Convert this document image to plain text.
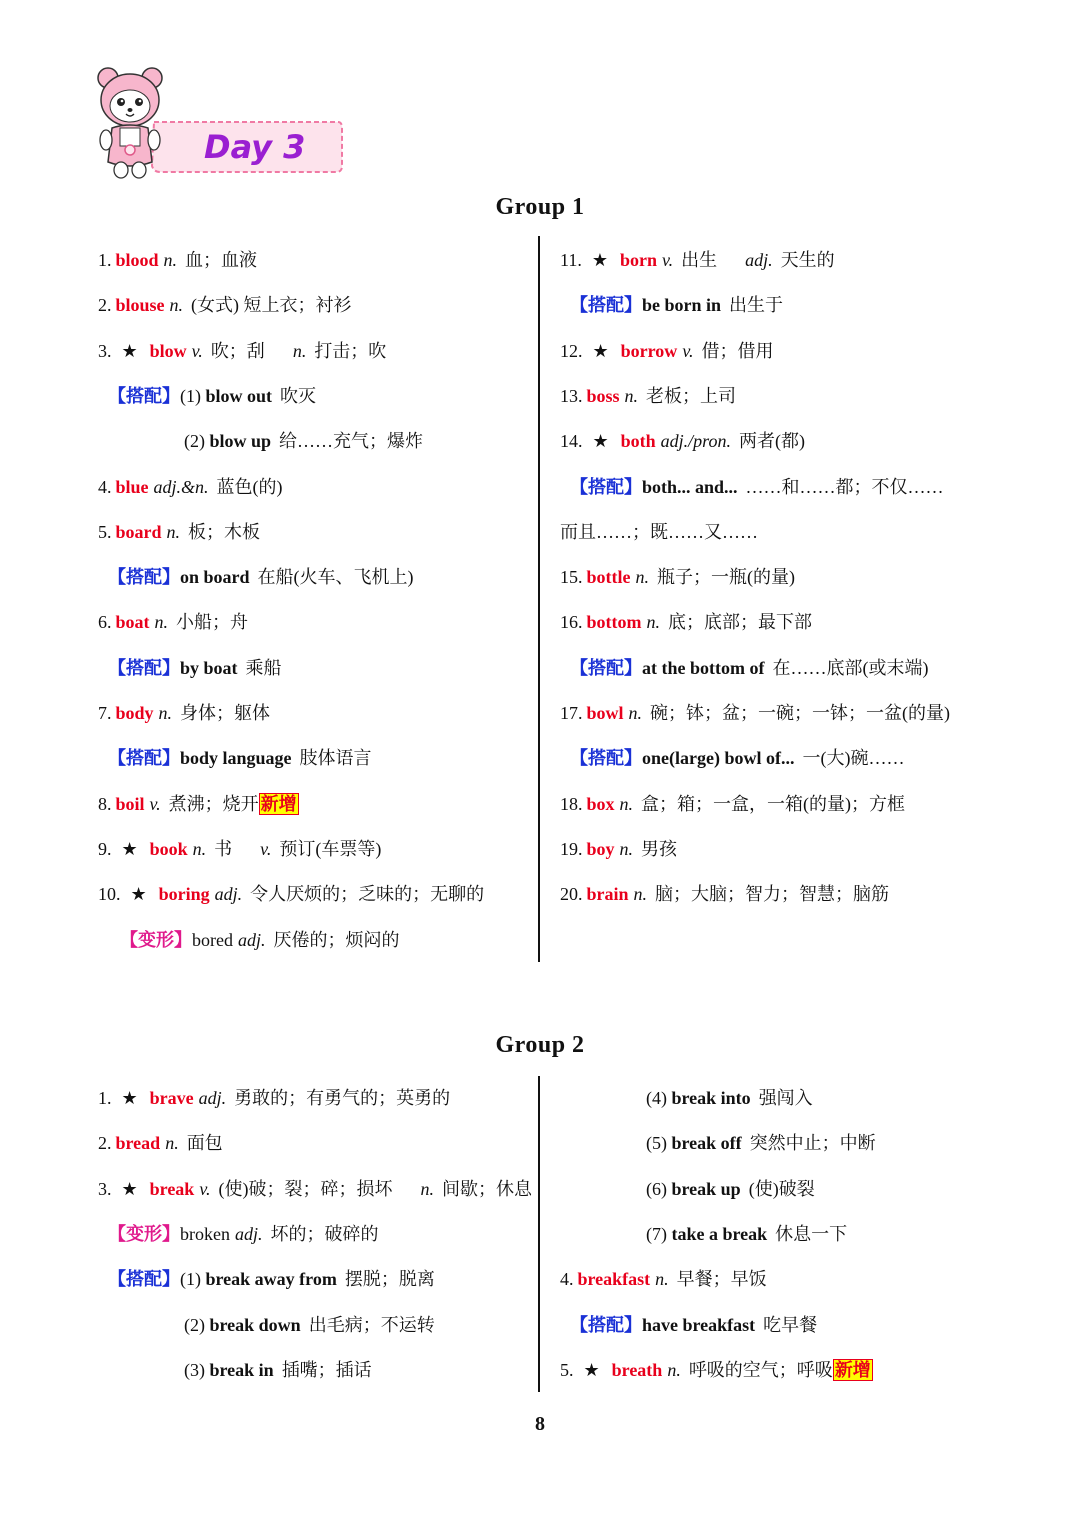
Day 3
Group 1
1. blood n. 血；血液
2. blouse n. (女式) 短上衣；衬衫
3. ★ blow v. 吹；刮 n. 打击；吹
【搭配】(1) blow out 吹灭
(2) blow up 给……充气；爆炸
4. blue adj.&n. 蓝色(的)
5. board n. 板；木板
【搭配】on board 在船(火车、飞机上)
6. boat n. 小船；舟
【搭配】by boat 乘船
7. body n. 身体；躯体
【搭配】body language 肢体语言
8. boil v. 煮沸；烧开 新增
9. ★ book n. 书 v. 预订(车票等)
10. ★ boring adj. 令人厌烦的；乏味的；无聊的
【变形】bored adj. 厌倦的；烦闷的
11. ★ born v. 出生 adj. 天生的
【搭配】be born in 出生于
12. ★ borrow v. 借；借用
13. boss n. 老板；上司
14. ★ both adj./pron. 两者(都)
【搭配】both... and... ……和……都；不仅……
而且……；既……又……
15. bottle n. 瓶子；一瓶(的量)
16. bottom n. 底；底部；最下部
【搭配】at the bottom of 在……底部(或末端)
17. bowl n. 碗；钵；盆；一碗；一钵；一盆(的量)
【搭配】one(large) bowl of... 一(大)碗……
18. box n. 盒；箱；一盒，一箱(的量)；方框
19. boy n. 男孩
20. brain n. 脑；大脑；智力；智慧；脑筋
Group 2
1. ★ brave adj. 勇敢的；有勇气的；英勇的
2. bread n. 面包
3. ★ break v. (使)破；裂；碎；损坏 n. 间歇；休息
【变形】broken adj. 坏的；破碎的
【搭配】(1) break away from 摆脱；脱离
(2) break down 出毛病；不运转
(3) break in 插嘴；插话
(4) break into 强闯入
(5) break off 突然中止；中断
(6) break up (使)破裂
(7) take a break 休息一下
4. breakfast n. 早餐；早饭
【搭配】have breakfast 吃早餐
5. ★ breath n. 呼吸的空气；呼吸 新增
8
